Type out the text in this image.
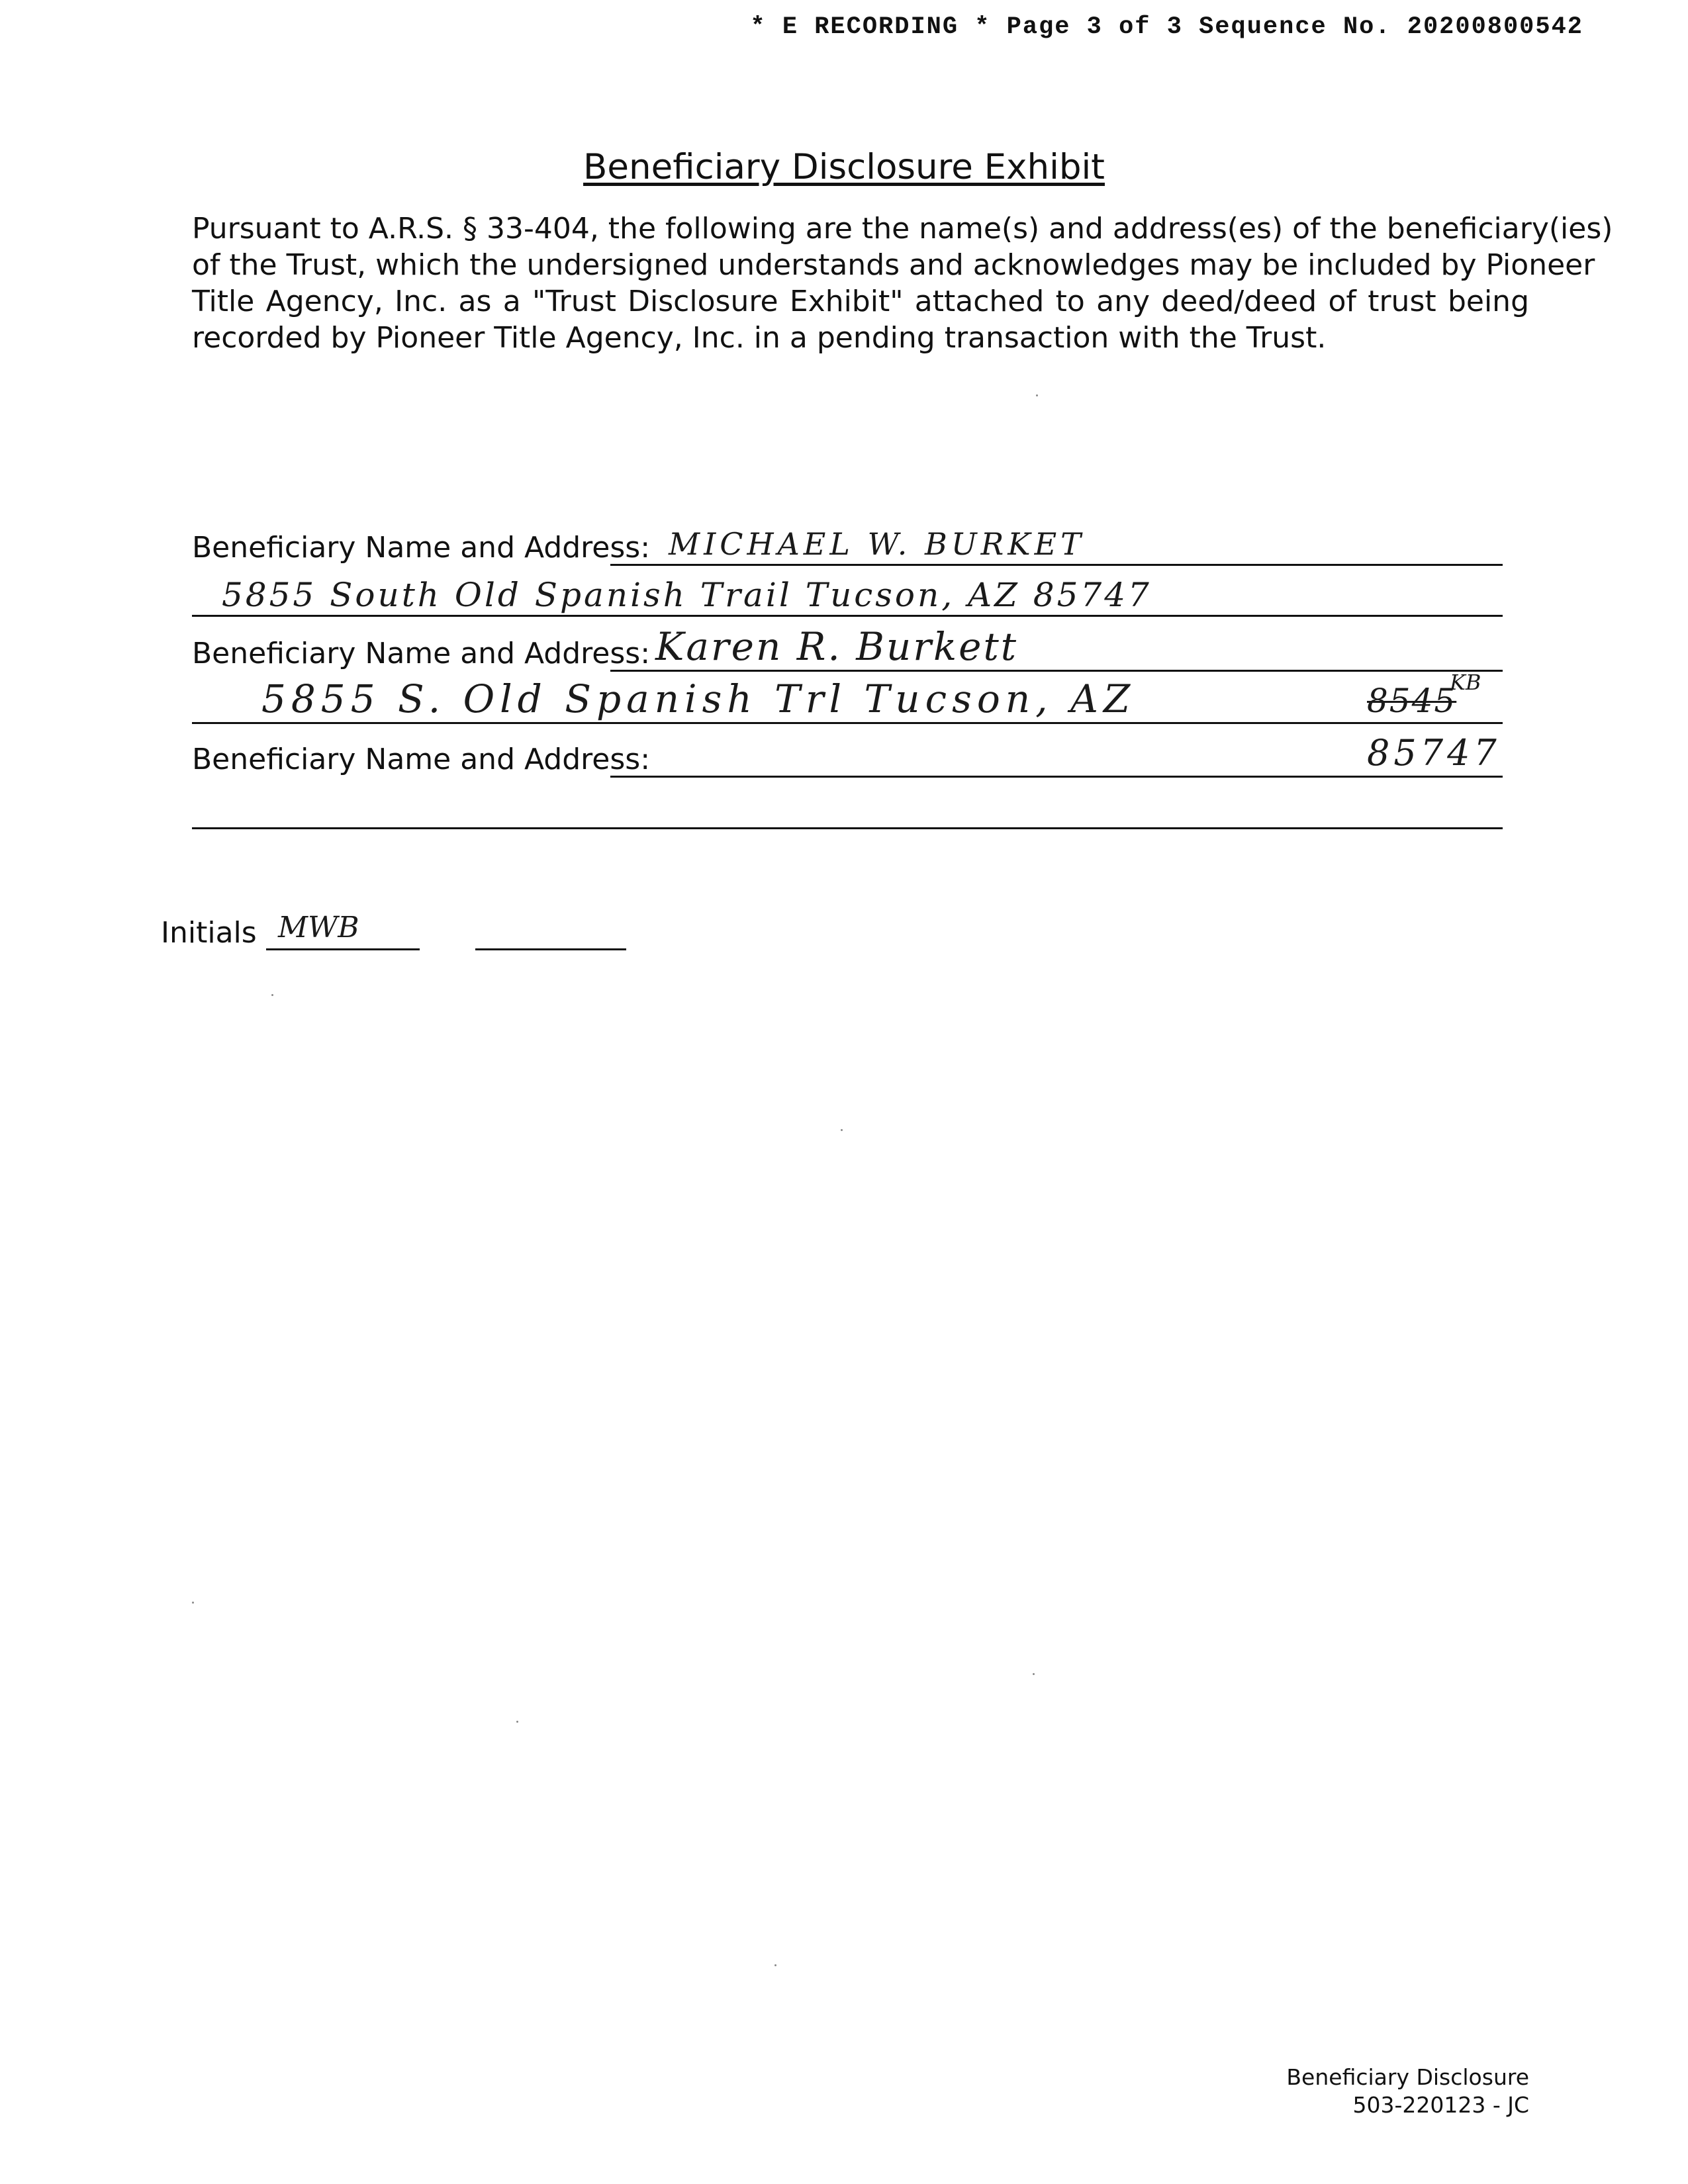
* E RECORDING * Page 3 of 3 Sequence No. 20200800542
Beneficiary Disclosure Exhibit
Pursuant to A.R.S. § 33-404, the following are the name(s) and address(es) of the beneficiary(ies)
of the Trust, which the undersigned understands and acknowledges may be included by Pioneer
Title Agency, Inc. as a "Trust Disclosure Exhibit" attached to any deed/deed of trust being
recorded by Pioneer Title Agency, Inc. in a pending transaction with the Trust.
Beneficiary Name and Address: MICHAEL W. BURKET
5855 South Old Spanish Trail Tucson, AZ 85747
Beneficiary Name and Address: Karen R. Burkett
5855 S. Old Spanish Trl Tucson, AZ	8545
KB
Beneficiary Name and Address:	85747
Initials MWB
Beneficiary Disclosure
503-220123 - JC
